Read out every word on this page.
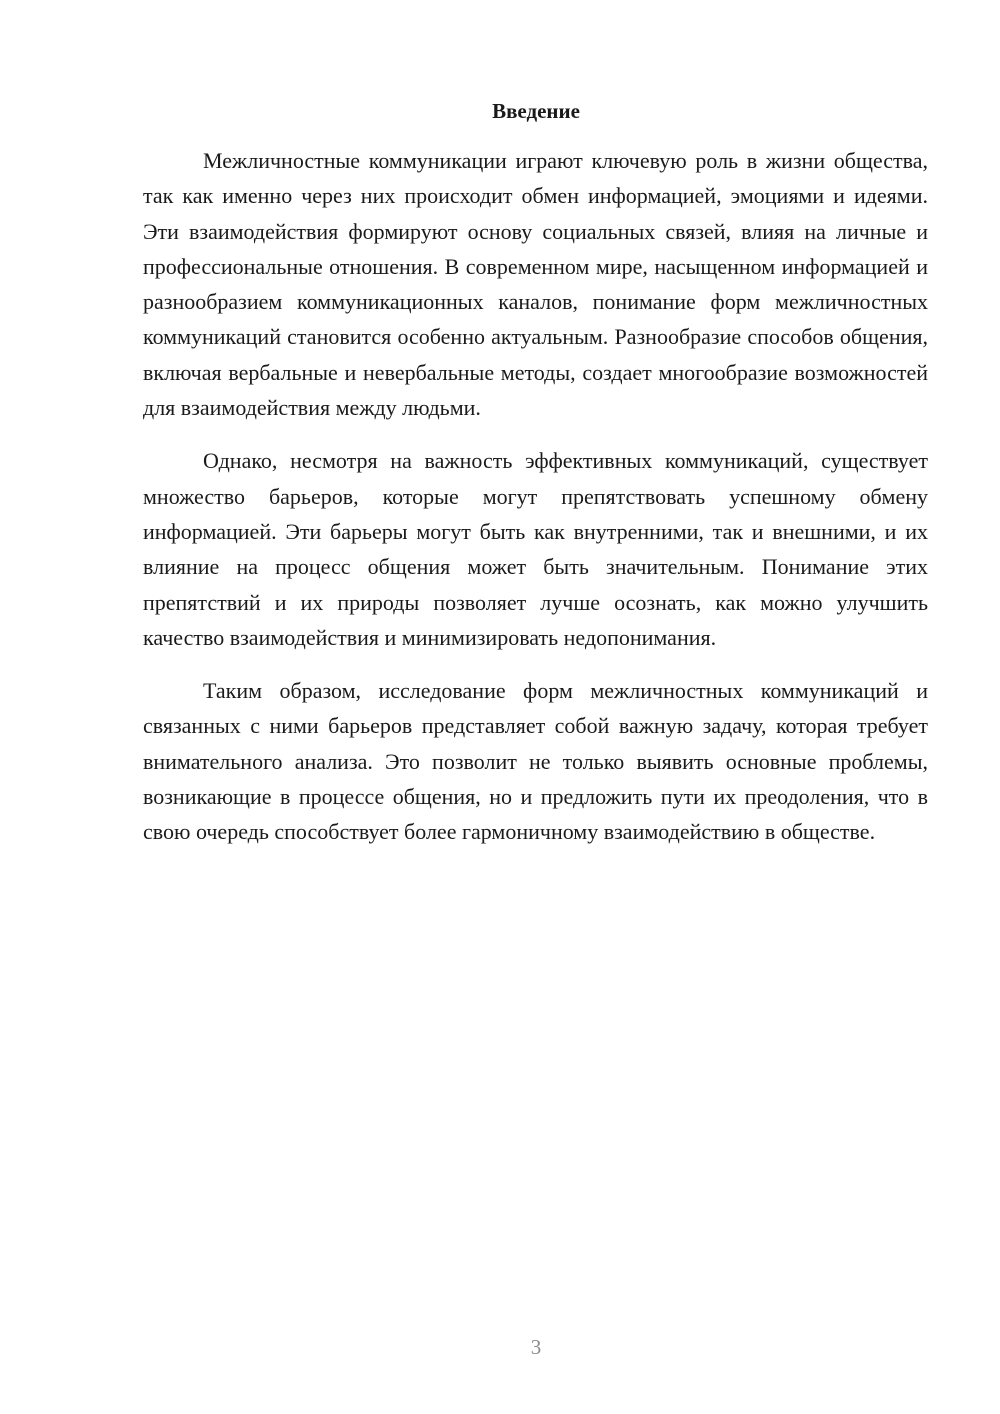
Введение

Межличностные коммуникации играют ключевую роль в жизни общества, так как именно через них происходит обмен информацией, эмоциями и идеями. Эти взаимодействия формируют основу социальных связей, влияя на личные и профессиональные отношения. В современном мире, насыщенном информацией и разнообразием коммуникационных каналов, понимание форм межличностных коммуникаций становится особенно актуальным. Разнообразие способов общения, включая вербальные и невербальные методы, создает многообразие возможностей для взаимодействия между людьми.

Однако, несмотря на важность эффективных коммуникаций, существует множество барьеров, которые могут препятствовать успешному обмену информацией. Эти барьеры могут быть как внутренними, так и внешними, и их влияние на процесс общения может быть значительным. Понимание этих препятствий и их природы позволяет лучше осознать, как можно улучшить качество взаимодействия и минимизировать недопонимания.

Таким образом, исследование форм межличностных коммуникаций и связанных с ними барьеров представляет собой важную задачу, которая требует внимательного анализа. Это позволит не только выявить основные проблемы, возникающие в процессе общения, но и предложить пути их преодоления, что в свою очередь способствует более гармоничному взаимодействию в обществе.

3
